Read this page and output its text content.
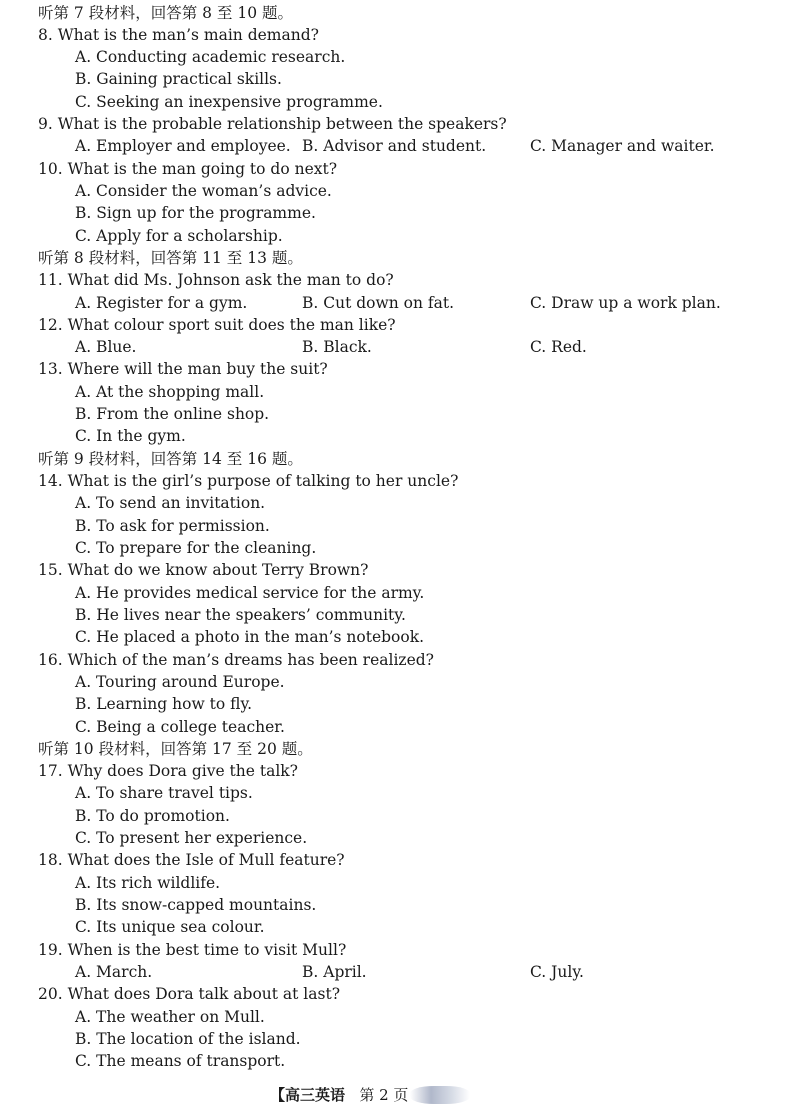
听第 7 段材料，回答第 8 至 10 题。
8. What is the man’s main demand?
A. Conducting academic research.
B. Gaining practical skills.
C. Seeking an inexpensive programme.
9. What is the probable relationship between the speakers?
A. Employer and employee. B. Advisor and student.	C. Manager and waiter.
10. What is the man going to do next?
A. Consider the woman’s advice.
B. Sign up for the programme.
C. Apply for a scholarship.
听第 8 段材料，回答第 11 至 13 题。
11. What did Ms. Johnson ask the man to do?
A. Register for a gym.	B. Cut down on fat.	C. Draw up a work plan.
12. What colour sport suit does the man like?
A. Blue.	B. Black.	C. Red.
13. Where will the man buy the suit?
A. At the shopping mall.
B. From the online shop.
C. In the gym.
听第 9 段材料，回答第 14 至 16 题。
14. What is the girl’s purpose of talking to her uncle?
A. To send an invitation.
B. To ask for permission.
C. To prepare for the cleaning.
15. What do we know about Terry Brown?
A. He provides medical service for the army.
B. He lives near the speakers’ community.
C. He placed a photo in the man’s notebook.
16. Which of the man’s dreams has been realized?
A. Touring around Europe.
B. Learning how to fly.
C. Being a college teacher.
听第 10 段材料，回答第 17 至 20 题。
17. Why does Dora give the talk?
A. To share travel tips.
B. To do promotion.
C. To present her experience.
18. What does the Isle of Mull feature?
A. Its rich wildlife.
B. Its snow-capped mountains.
C. Its unique sea colour.
19. When is the best time to visit Mull?
A. March.	B. April.	C. July.
20. What does Dora talk about at last?
A. The weather on Mull.
B. The location of the island.
C. The means of transport.
【高三英语 第 2 页
